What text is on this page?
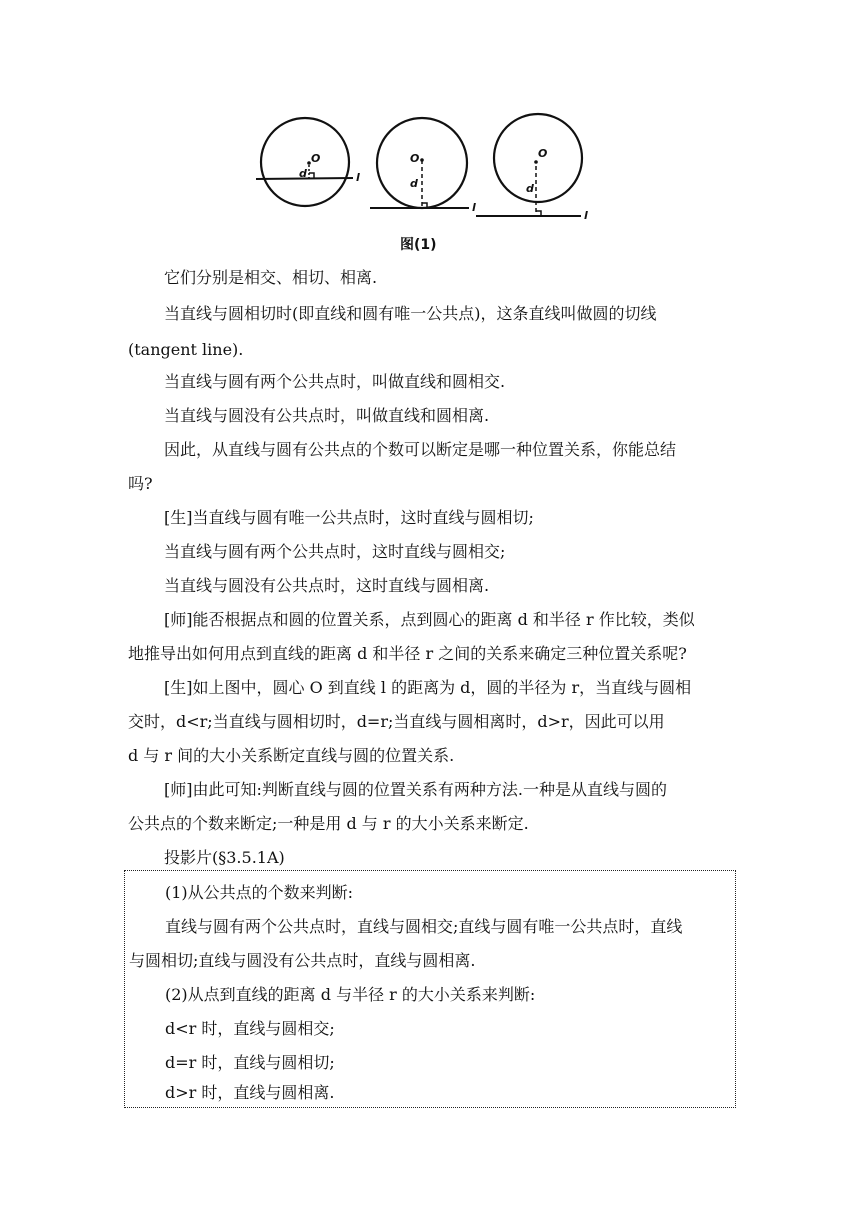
O
d	l
O
d
l
O
d
l
图(1)
它们分别是相交、相切、相离.
当直线与圆相切时(即直线和圆有唯一公共点)，这条直线叫做圆的切线
(tangent line).
当直线与圆有两个公共点时，叫做直线和圆相交.
当直线与圆没有公共点时，叫做直线和圆相离.
因此，从直线与圆有公共点的个数可以断定是哪一种位置关系，你能总结
吗?
[生]当直线与圆有唯一公共点时，这时直线与圆相切;
当直线与圆有两个公共点时，这时直线与圆相交;
当直线与圆没有公共点时，这时直线与圆相离.
[师]能否根据点和圆的位置关系，点到圆心的距离 d 和半径 r 作比较，类似
地推导出如何用点到直线的距离 d 和半径 r 之间的关系来确定三种位置关系呢?
[生]如上图中，圆心 O 到直线 l 的距离为 d，圆的半径为 r，当直线与圆相
交时，d<r;当直线与圆相切时，d=r;当直线与圆相离时，d>r，因此可以用
d 与 r 间的大小关系断定直线与圆的位置关系.
[师]由此可知:判断直线与圆的位置关系有两种方法.一种是从直线与圆的
公共点的个数来断定;一种是用 d 与 r 的大小关系来断定.
投影片(§3.5.1A)
(1)从公共点的个数来判断:
直线与圆有两个公共点时，直线与圆相交;直线与圆有唯一公共点时，直线
与圆相切;直线与圆没有公共点时，直线与圆相离.
(2)从点到直线的距离 d 与半径 r 的大小关系来判断:
d<r 时，直线与圆相交;
d=r 时，直线与圆相切;
d>r 时，直线与圆相离.
